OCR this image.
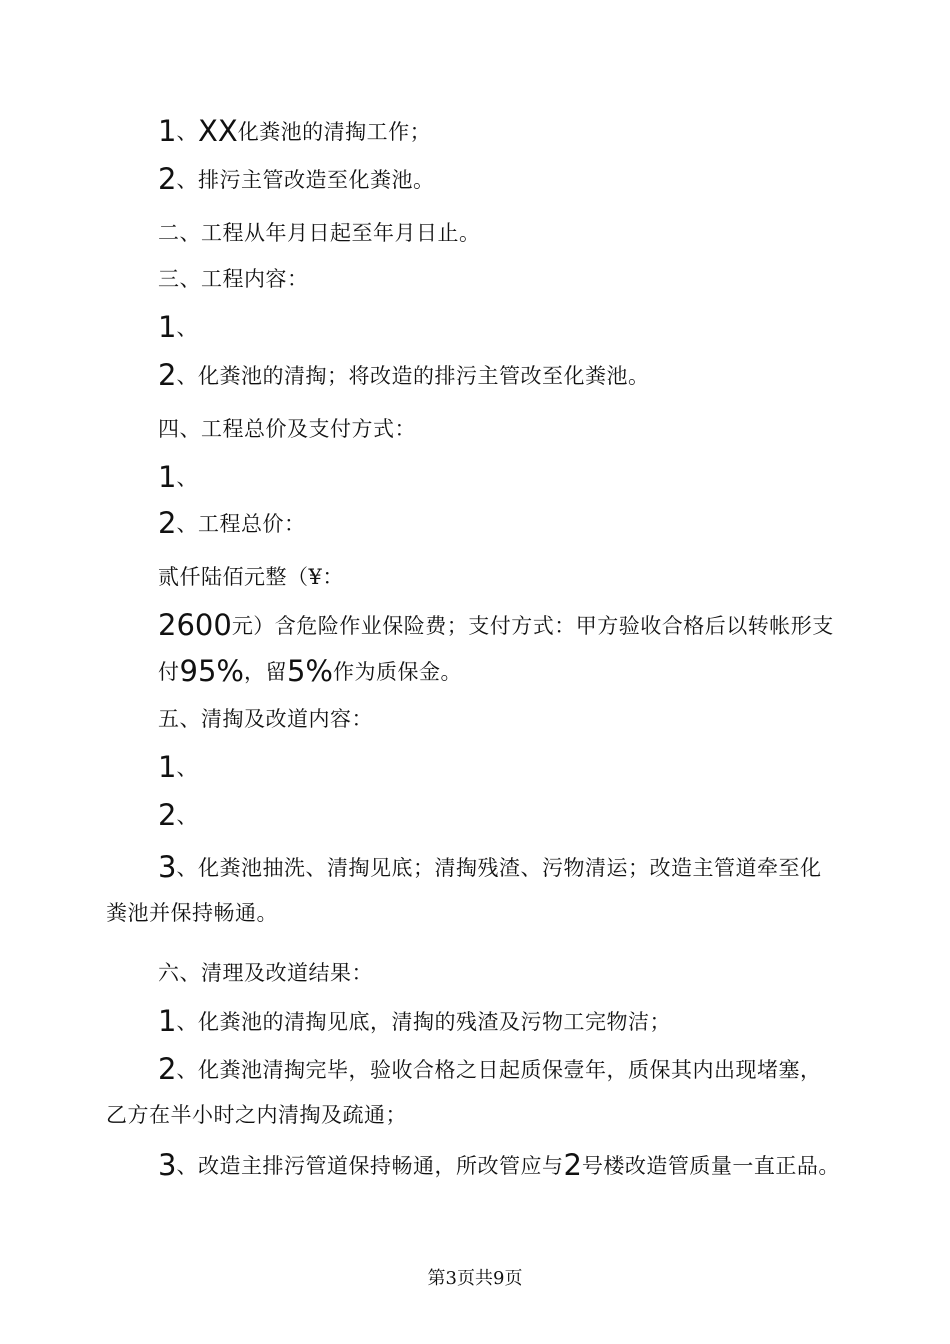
1、XX化粪池的清掏工作；
2、排污主管改造至化粪池。
二、工程从年月日起至年月日止。
三、工程内容：
1、
2、化粪池的清掏；将改造的排污主管改至化粪池。
四、工程总价及支付方式：
1、
2、工程总价：
贰仟陆佰元整（¥：
2600元）含危险作业保险费；支付方式：甲方验收合格后以转帐形支
付95%，留5%作为质保金。
五、清掏及改道内容：
1、
2、
3、化粪池抽洗、清掏见底；清掏残渣、污物清运；改造主管道牵至化
粪池并保持畅通。
六、清理及改道结果：
1、化粪池的清掏见底，清掏的残渣及污物工完物洁；
2、化粪池清掏完毕，验收合格之日起质保壹年，质保其内出现堵塞，
乙方在半小时之内清掏及疏通；
3、改造主排污管道保持畅通，所改管应与2号楼改造管质量一直正品。
第3页共9页
